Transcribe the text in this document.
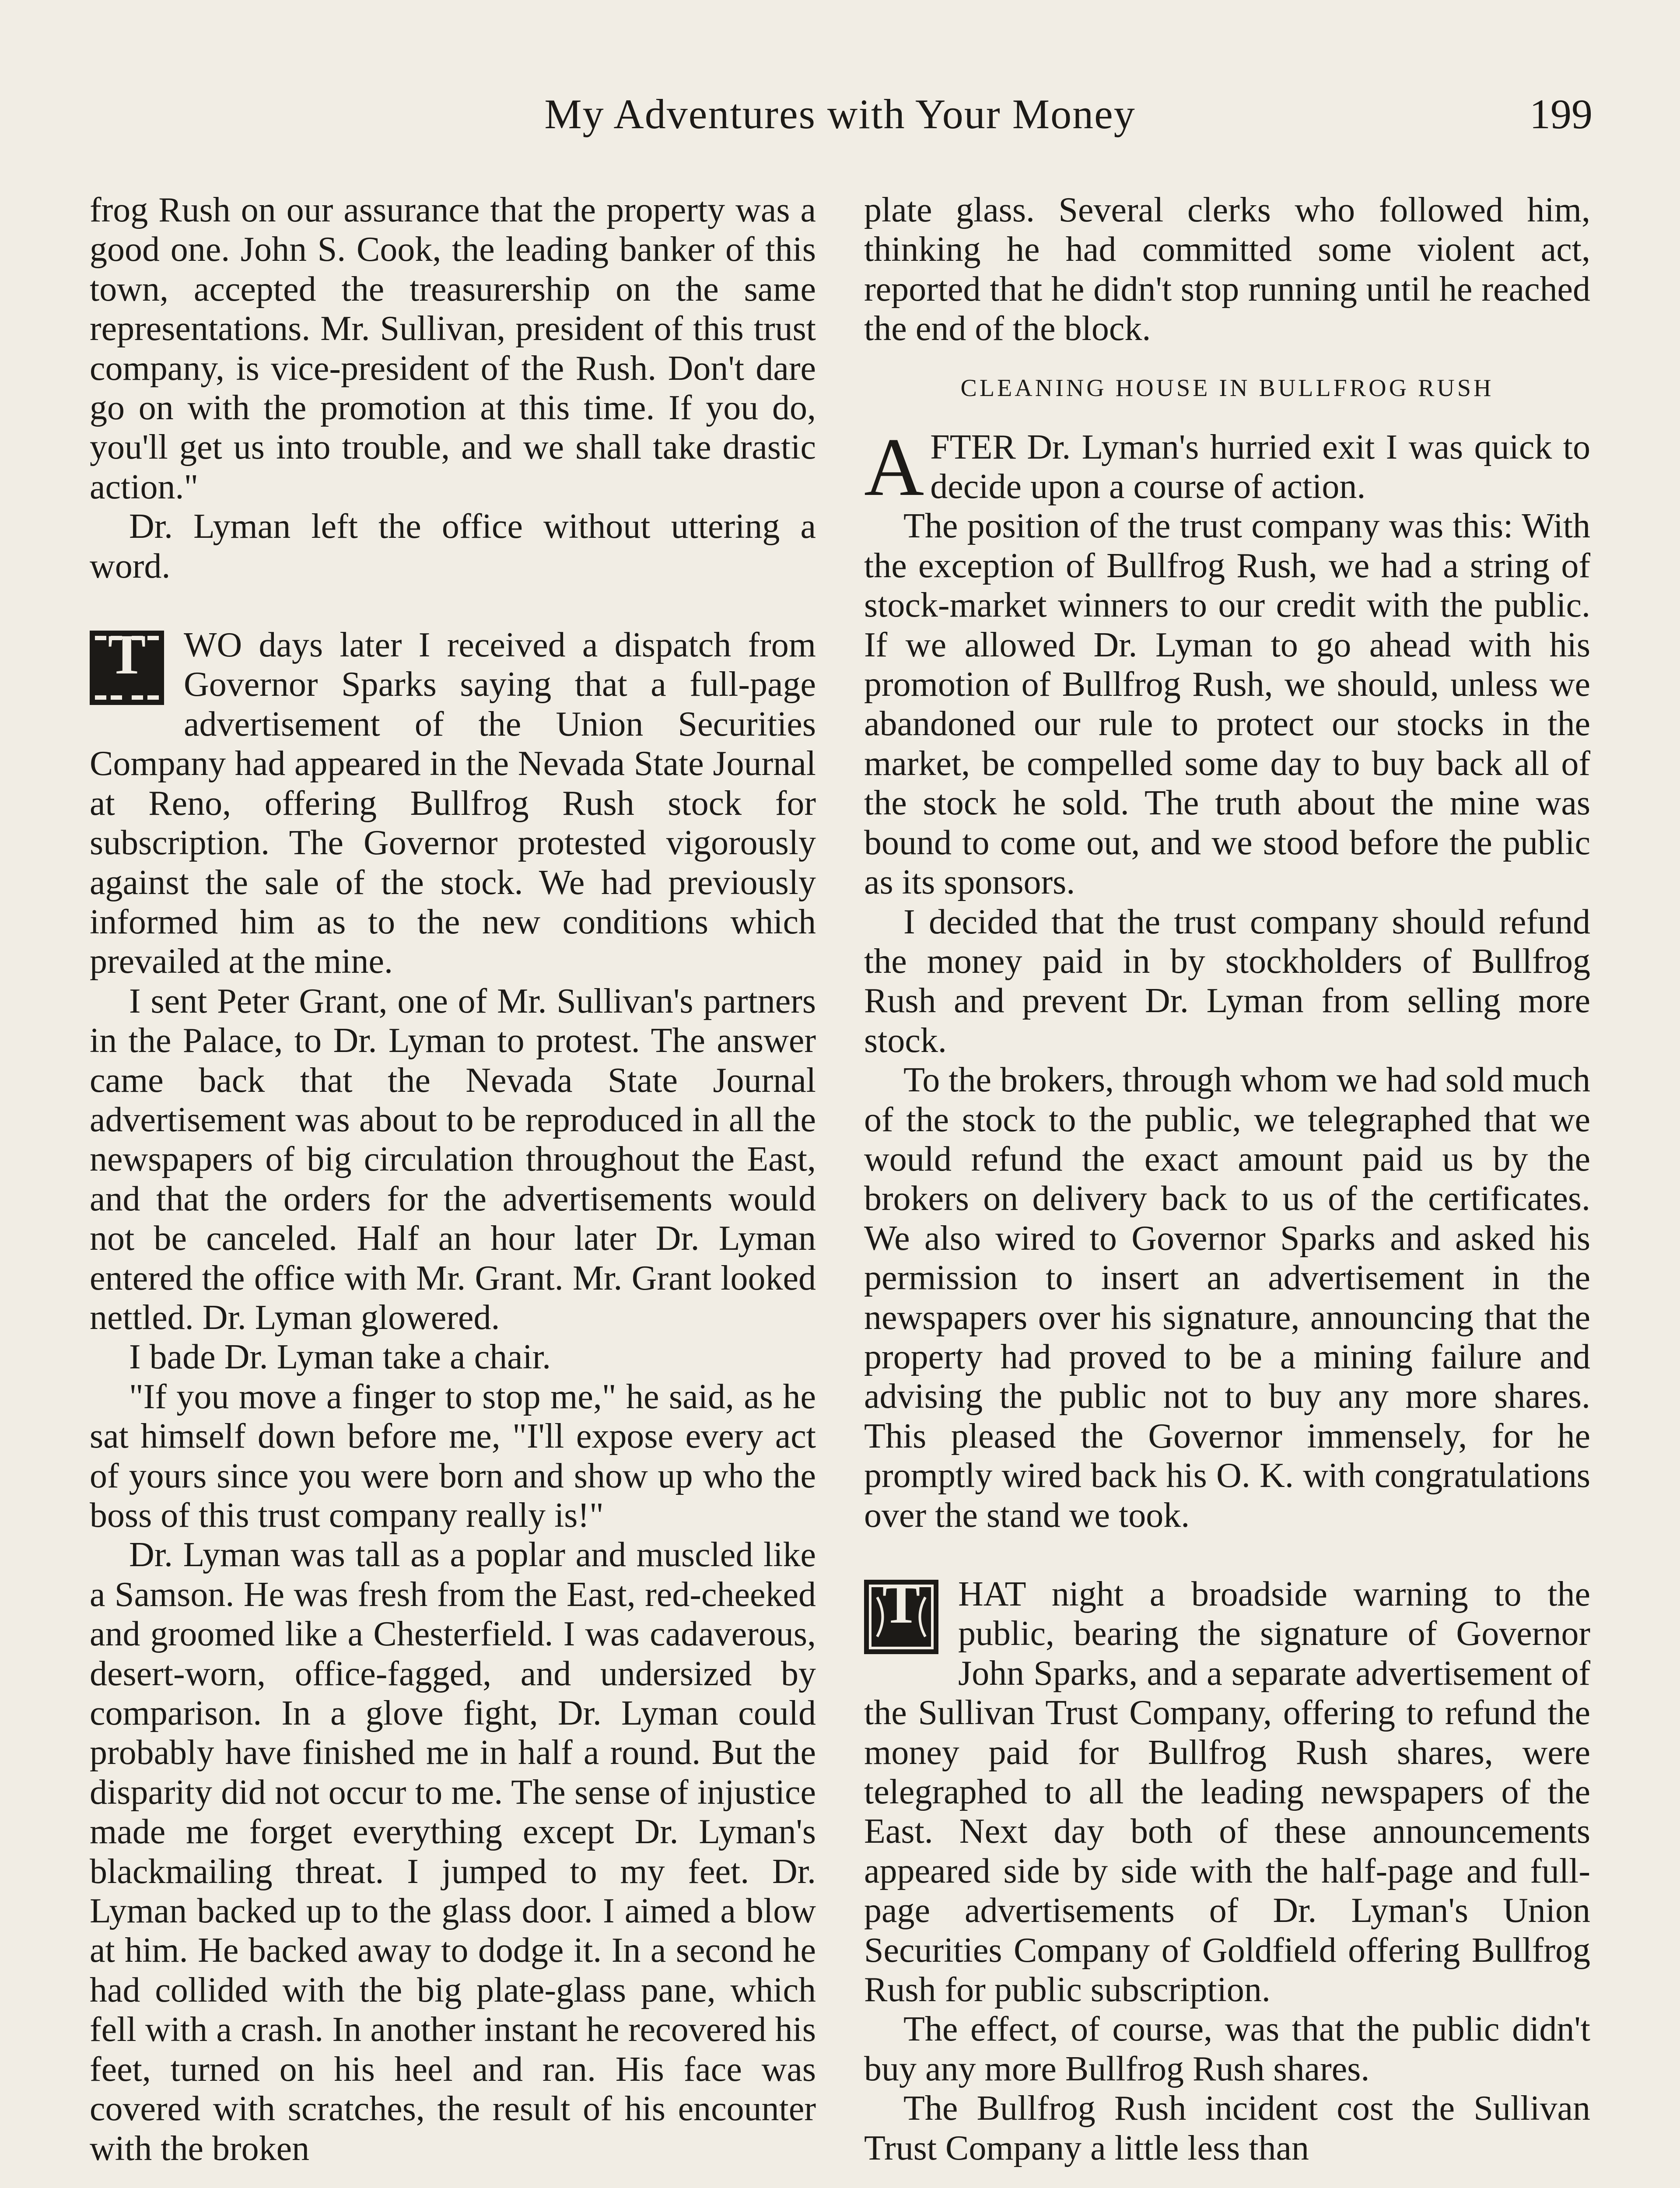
My Adventures with Your Money	199

frog Rush on our assurance that the property was a good one. John S. Cook, the leading banker of this town, accepted the treasurership on the same representations. Mr. Sullivan, president of this trust company, is vice-president of the Rush. Don't dare go on with the promotion at this time. If you do, you'll get us into trouble, and we shall take drastic action."

Dr. Lyman left the office without uttering a word.

T	WO days later I received a dispatch from Governor Sparks saying that a full-page advertisement of the Union Securities Company had appeared in the Nevada State Journal at Reno, offering Bullfrog Rush stock for subscription. The Governor protested vigorously against the sale of the stock. We had previously informed him as to the new conditions which prevailed at the mine.

I sent Peter Grant, one of Mr. Sullivan's partners in the Palace, to Dr. Lyman to protest. The answer came back that the Nevada State Journal advertisement was about to be reproduced in all the newspapers of big circulation throughout the East, and that the orders for the advertisements would not be canceled. Half an hour later Dr. Lyman entered the office with Mr. Grant. Mr. Grant looked nettled. Dr. Lyman glowered.

I bade Dr. Lyman take a chair.

"If you move a finger to stop me," he said, as he sat himself down before me, "I'll expose every act of yours since you were born and show up who the boss of this trust company really is!"

Dr. Lyman was tall as a poplar and muscled like a Samson. He was fresh from the East, red-cheeked and groomed like a Chesterfield. I was cadaverous, desert-worn, office-fagged, and undersized by comparison. In a glove fight, Dr. Lyman could probably have finished me in half a round. But the disparity did not occur to me. The sense of injustice made me forget everything except Dr. Lyman's blackmailing threat. I jumped to my feet. Dr. Lyman backed up to the glass door. I aimed a blow at him. He backed away to dodge it. In a second he had collided with the big plate-glass pane, which fell with a crash. In another instant he recovered his feet, turned on his heel and ran. His face was covered with scratches, the result of his encounter with the broken

plate glass. Several clerks who followed him, thinking he had committed some violent act, reported that he didn't stop running until he reached the end of the block.

CLEANING HOUSE IN BULLFROG RUSH

A FTER Dr. Lyman's hurried exit I was quick to decide upon a course of action.

The position of the trust company was this: With the exception of Bullfrog Rush, we had a string of stock-market winners to our credit with the public. If we allowed Dr. Lyman to go ahead with his promotion of Bullfrog Rush, we should, unless we abandoned our rule to protect our stocks in the market, be compelled some day to buy back all of the stock he sold. The truth about the mine was bound to come out, and we stood before the public as its sponsors.

I decided that the trust company should refund the money paid in by stockholders of Bullfrog Rush and prevent Dr. Lyman from selling more stock.

To the brokers, through whom we had sold much of the stock to the public, we telegraphed that we would refund the exact amount paid us by the brokers on delivery back to us of the certificates. We also wired to Governor Sparks and asked his permission to insert an advertisement in the newspapers over his signature, announcing that the property had proved to be a mining failure and advising the public not to buy any more shares. This pleased the Governor immensely, for he promptly wired back his O. K. with congratulations over the stand we took.

T	HAT night a broadside warning to the public, bearing the signature of Governor John Sparks, and a separate advertisement of the Sullivan Trust Company, offering to refund the money paid for Bullfrog Rush shares, were telegraphed to all the leading newspapers of the East. Next day both of these announcements appeared side by side with the half-page and full-page advertisements of Dr. Lyman's Union Securities Company of Goldfield offering Bullfrog Rush for public subscription.

The effect, of course, was that the public didn't buy any more Bullfrog Rush shares.

The Bullfrog Rush incident cost the Sullivan Trust Company a little less than
